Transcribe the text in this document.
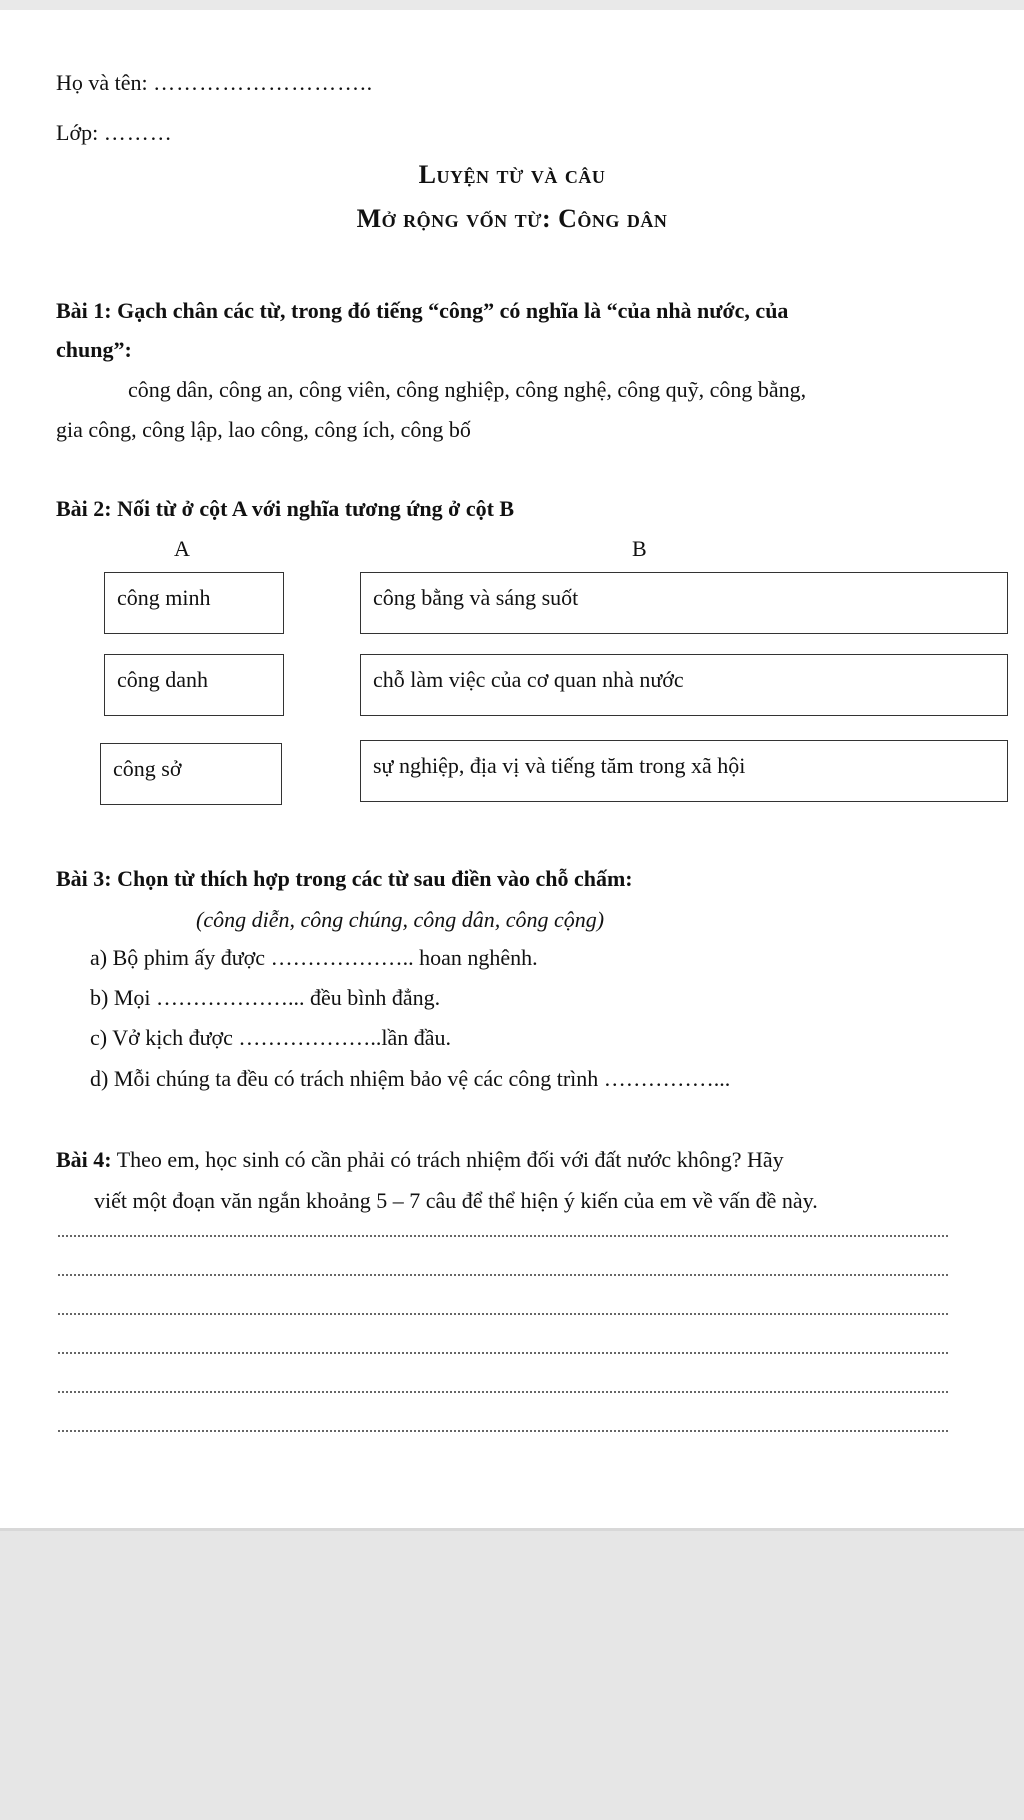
Họ và tên: ………………………..
Lớp: ………
Luyện từ và câu
Mở rộng vốn từ: Công dân
Bài 1: Gạch chân các từ, trong đó tiếng “công” có nghĩa là “của nhà nước, của
chung”:
công dân, công an, công viên, công nghiệp, công nghệ, công quỹ, công bằng,
gia công, công lập, lao công, công ích, công bố
Bài 2: Nối từ ở cột A với nghĩa tương ứng ở cột B
A	B
công minh
công danh
công sở
công bằng và sáng suốt
chỗ làm việc của cơ quan nhà nước
sự nghiệp, địa vị và tiếng tăm trong xã hội
Bài 3: Chọn từ thích hợp trong các từ sau điền vào chỗ chấm:
(công diễn, công chúng, công dân, công cộng)
a) Bộ phim ấy được ……………….. hoan nghênh.
b) Mọi ………………... đều bình đẳng.
c) Vở kịch được ………………..lần đầu.
d) Mỗi chúng ta đều có trách nhiệm bảo vệ các công trình ……………...
Bài 4: Theo em, học sinh có cần phải có trách nhiệm đối với đất nước không? Hãy
viết một đoạn văn ngắn khoảng 5 – 7 câu để thể hiện ý kiến của em về vấn đề này.
